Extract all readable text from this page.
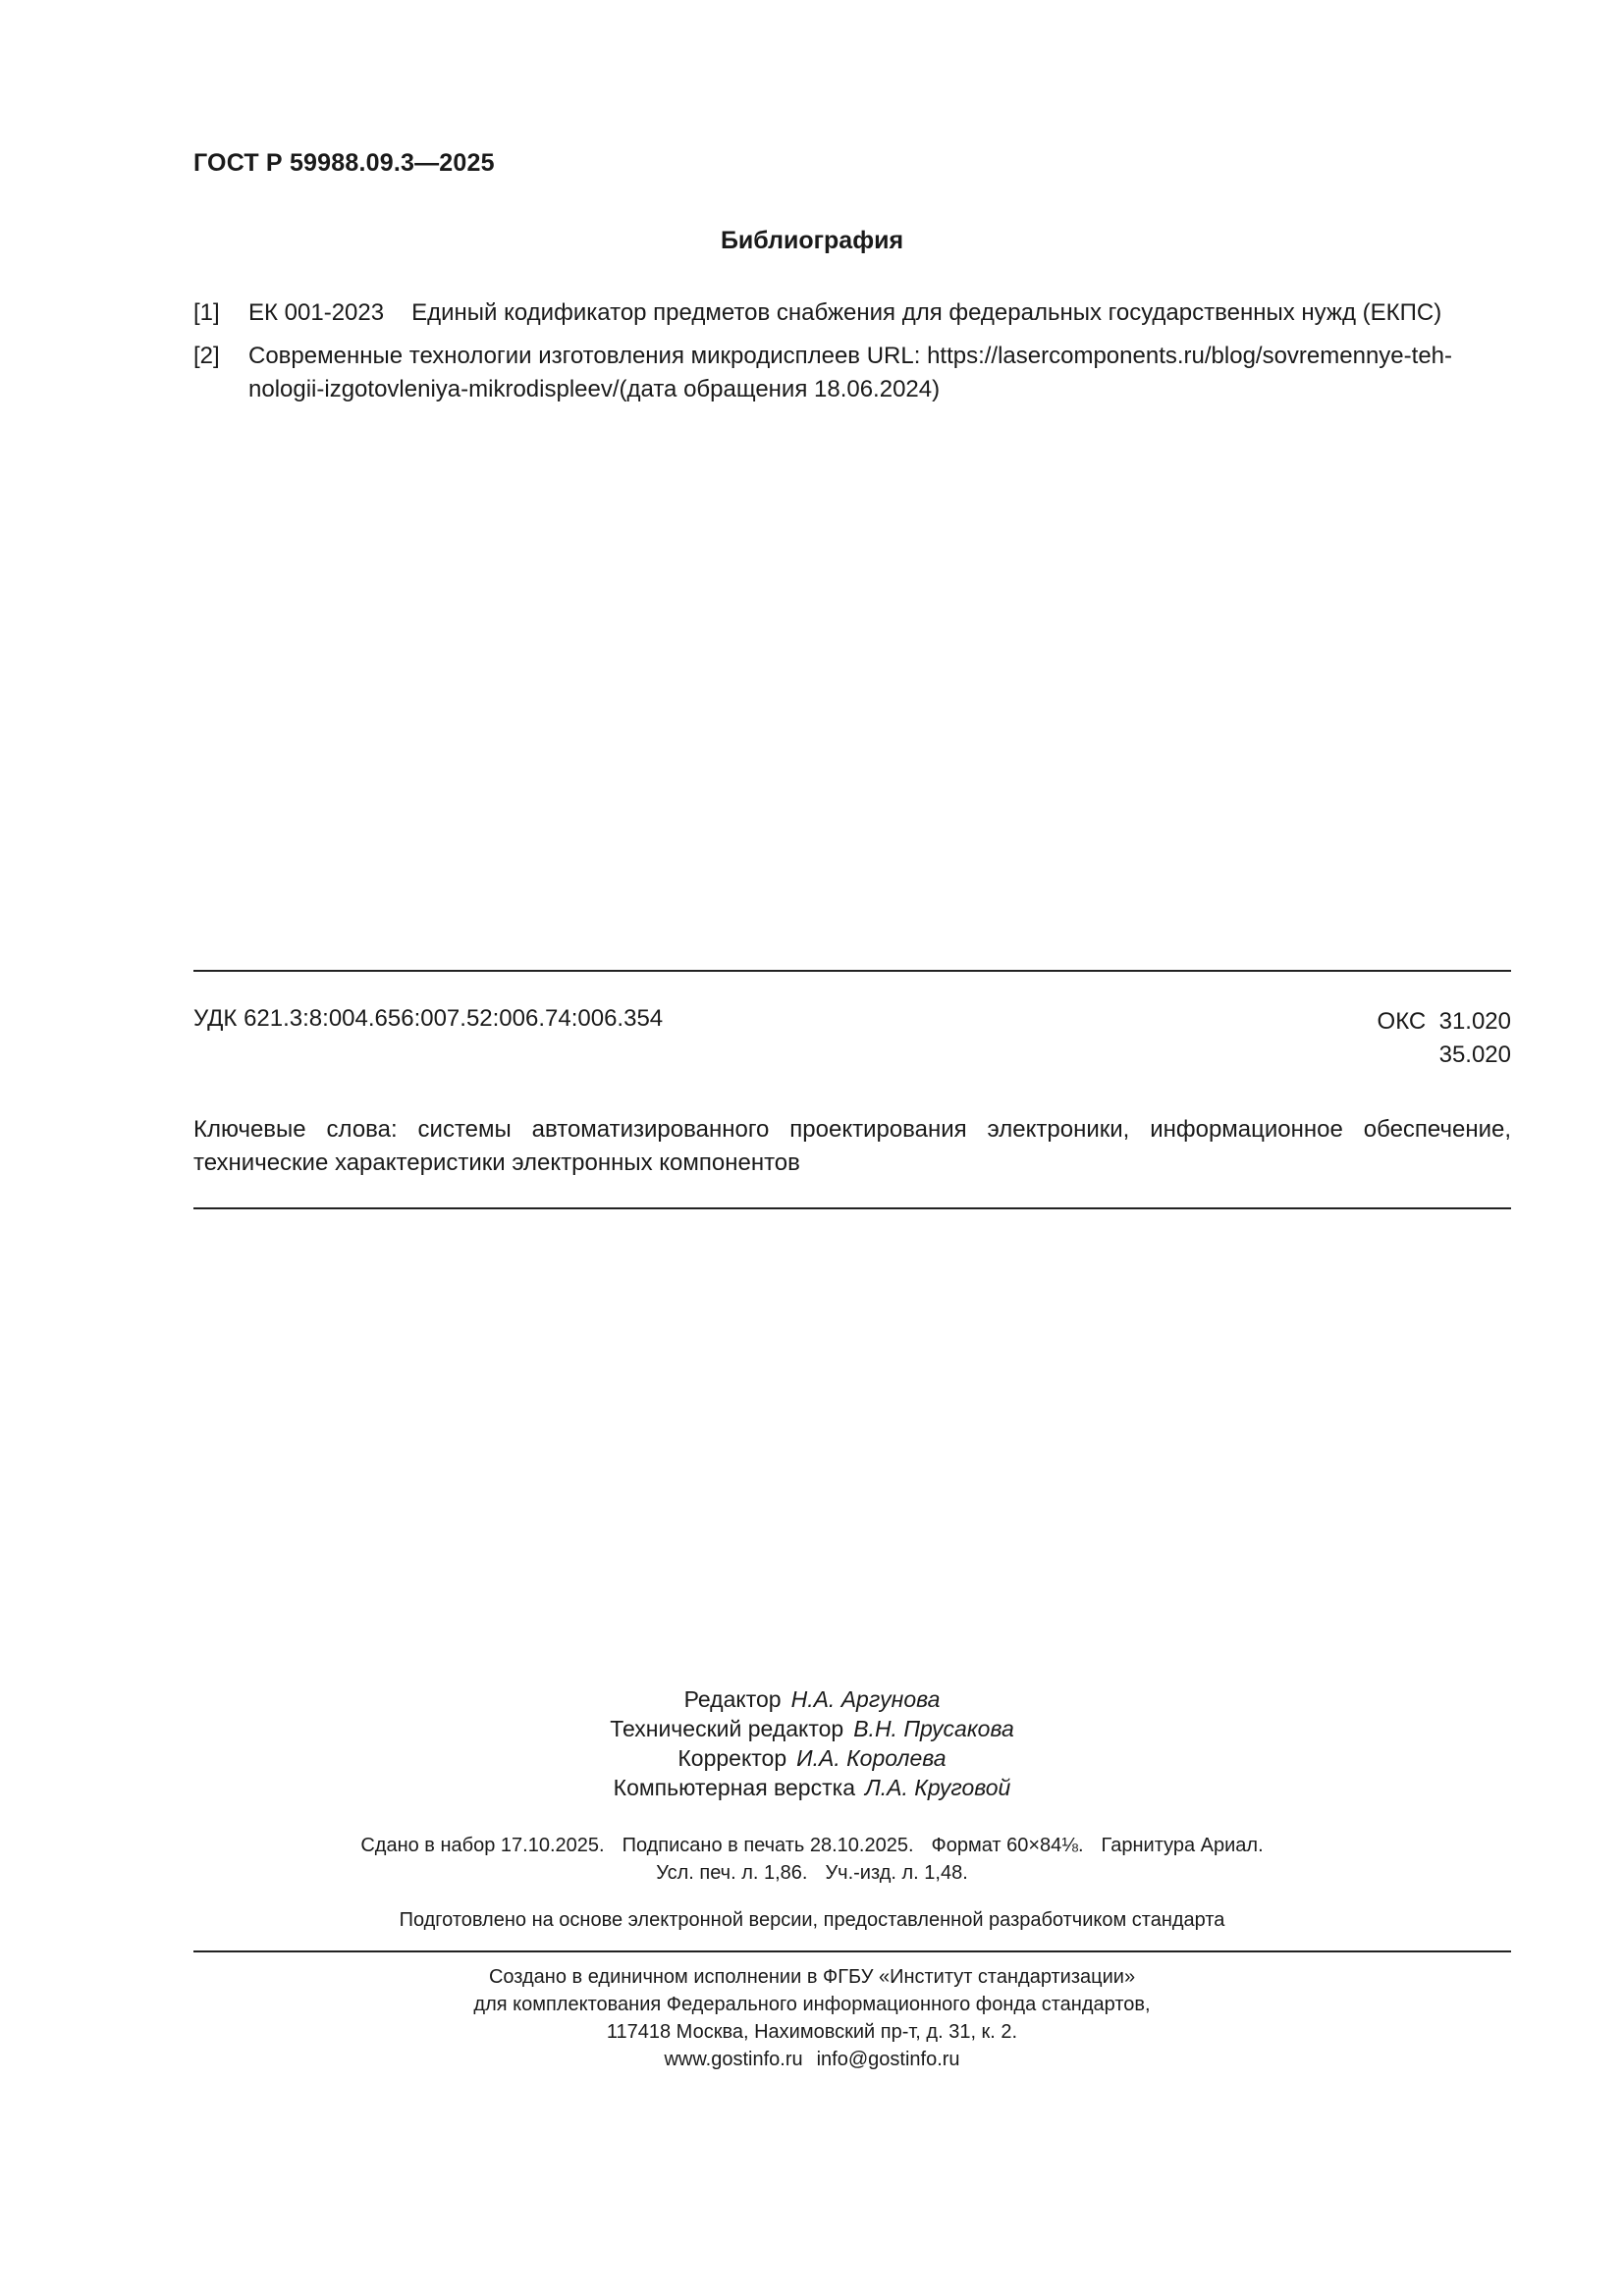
ГОСТ Р 59988.09.3—2025
Библиография
[1]	ЕК 001-2023 Единый кодификатор предметов снабжения для федеральных государственных нужд (ЕКПС)
[2]	Современные технологии изготовления микродисплеев URL: https://lasercomponents.ru/blog/sovremennye-teh-nologii-izgotovleniya-mikrodispleev/(дата обращения 18.06.2024)
УДК 621.3:8:004.656:007.52:006.74:006.354	ОКС 31.020
35.020
Ключевые слова: системы автоматизированного проектирования электроники, информационное обеспечение, технические характеристики электронных компонентов
Редактор Н.А. Аргунова
Технический редактор В.Н. Прусакова
Корректор И.А. Королева
Компьютерная верстка Л.А. Круговой
Сдано в набор 17.10.2025. Подписано в печать 28.10.2025. Формат 60×84⅛. Гарнитура Ариал.
Усл. печ. л. 1,86. Уч.-изд. л. 1,48.
Подготовлено на основе электронной версии, предоставленной разработчиком стандарта
Создано в единичном исполнении в ФГБУ «Институт стандартизации»
для комплектования Федерального информационного фонда стандартов,
117418 Москва, Нахимовский пр-т, д. 31, к. 2.
www.gostinfo.ru info@gostinfo.ru
